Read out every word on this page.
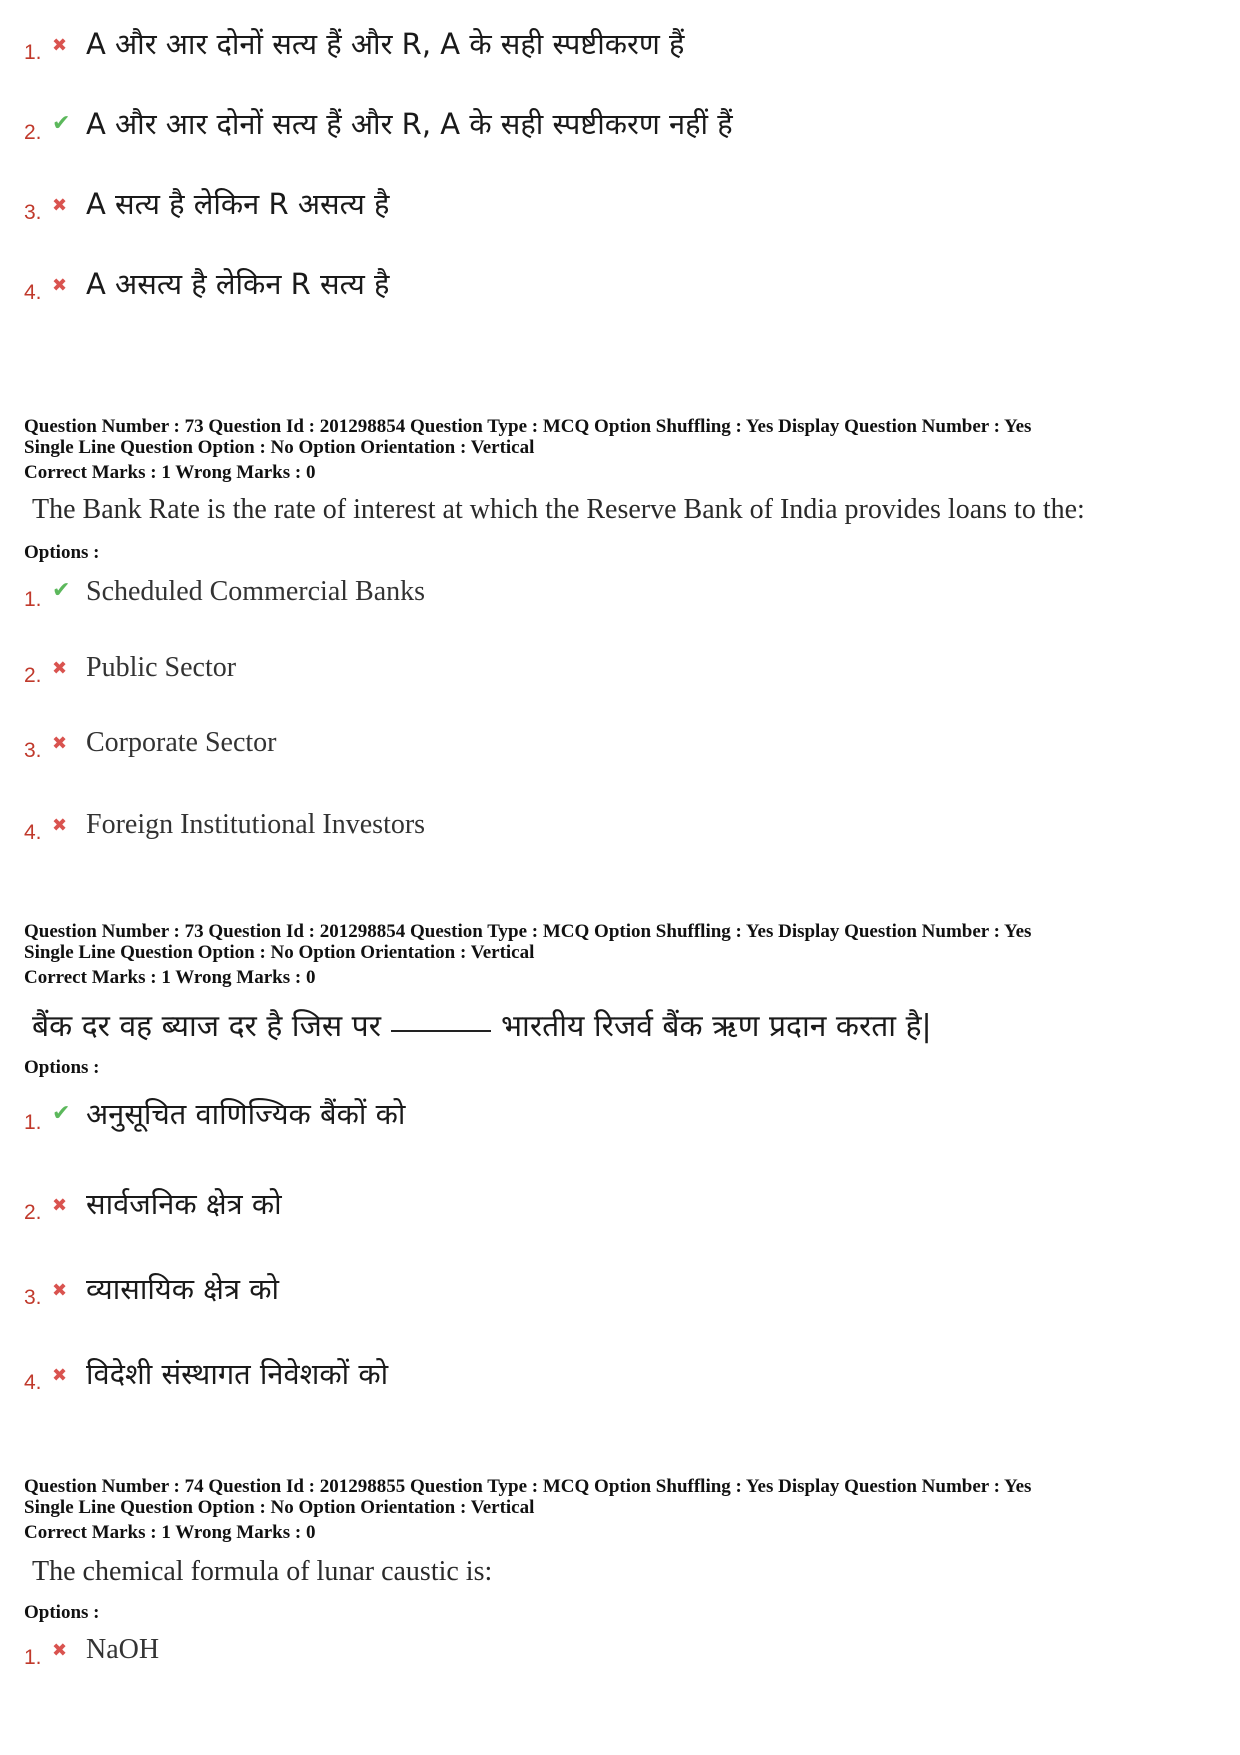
1. ✖ A और आर दोनों सत्य हैं और R, A के सही स्पष्टीकरण हैं
2. ✔ A और आर दोनों सत्य हैं और R, A के सही स्पष्टीकरण नहीं हैं
3. ✖ A सत्य है लेकिन R असत्य है
4. ✖ A असत्य है लेकिन R सत्य है
Question Number : 73 Question Id : 201298854 Question Type : MCQ Option Shuffling : Yes Display Question Number : Yes
Single Line Question Option : No Option Orientation : Vertical
Correct Marks : 1 Wrong Marks : 0
The Bank Rate is the rate of interest at which the Reserve Bank of India provides loans to the:
Options :
1. ✔ Scheduled Commercial Banks
2. ✖ Public Sector
3. ✖ Corporate Sector
4. ✖ Foreign Institutional Investors
Question Number : 73 Question Id : 201298854 Question Type : MCQ Option Shuffling : Yes Display Question Number : Yes
Single Line Question Option : No Option Orientation : Vertical
Correct Marks : 1 Wrong Marks : 0
बैंक दर वह ब्याज दर है जिस पर	भारतीय रिजर्व बैंक ऋण प्रदान करता है|
Options :
1. ✔ अनुसूचित वाणिज्यिक बैंकों को
2. ✖ सार्वजनिक क्षेत्र को
3. ✖ व्यासायिक क्षेत्र को
4. ✖ विदेशी संस्थागत निवेशकों को
Question Number : 74 Question Id : 201298855 Question Type : MCQ Option Shuffling : Yes Display Question Number : Yes
Single Line Question Option : No Option Orientation : Vertical
Correct Marks : 1 Wrong Marks : 0
The chemical formula of lunar caustic is:
Options :
1. ✖ NaOH
